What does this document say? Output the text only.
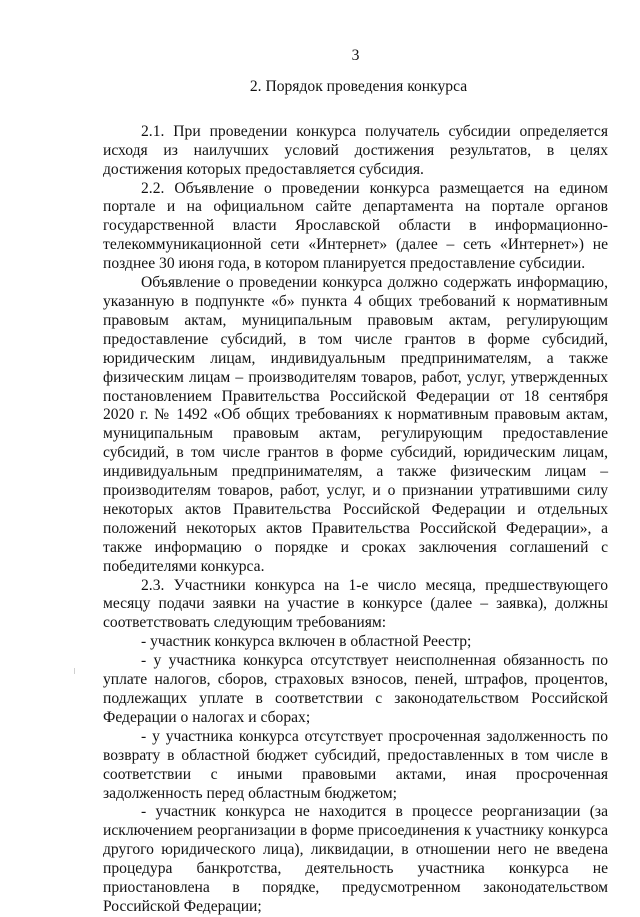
3
2. Порядок проведения конкурса

2.1. При проведении конкурса получатель субсидии определяется исходя из наилучших условий достижения результатов, в целях достижения которых предоставляется субсидия.

2.2. Объявление о проведении конкурса размещается на едином портале и на официальном сайте департамента на портале органов государственной власти Ярославской области в информационно-телекоммуникационной сети «Интернет» (далее – сеть «Интернет») не позднее 30 июня года, в котором планируется предоставление субсидии.

Объявление о проведении конкурса должно содержать информацию, указанную в подпункте «б» пункта 4 общих требований к нормативным правовым актам, муниципальным правовым актам, регулирующим предоставление субсидий, в том числе грантов в форме субсидий, юридическим лицам, индивидуальным предпринимателям, а также физическим лицам – производителям товаров, работ, услуг, утвержденных постановлением Правительства Российской Федерации от 18 сентября 2020 г. № 1492 «Об общих требованиях к нормативным правовым актам, муниципальным правовым актам, регулирующим предоставление субсидий, в том числе грантов в форме субсидий, юридическим лицам, индивидуальным предпринимателям, а также физическим лицам – производителям товаров, работ, услуг, и о признании утратившими силу некоторых актов Правительства Российской Федерации и отдельных положений некоторых актов Правительства Российской Федерации», а также информацию о порядке и сроках заключения соглашений с победителями конкурса.

2.3. Участники конкурса на 1-е число месяца, предшествующего месяцу подачи заявки на участие в конкурсе (далее – заявка), должны соответствовать следующим требованиям:

- участник конкурса включен в областной Реестр;

- у участника конкурса отсутствует неисполненная обязанность по уплате налогов, сборов, страховых взносов, пеней, штрафов, процентов, подлежащих уплате в соответствии с законодательством Российской Федерации о налогах и сборах;

- у участника конкурса отсутствует просроченная задолженность по возврату в областной бюджет субсидий, предоставленных в том числе в соответствии с иными правовыми актами, иная просроченная задолженность перед областным бюджетом;

- участник конкурса не находится в процессе реорганизации (за исключением реорганизации в форме присоединения к участнику конкурса другого юридического лица), ликвидации, в отношении него не введена процедура банкротства, деятельность участника конкурса не приостановлена в порядке, предусмотренном законодательством Российской Федерации;
